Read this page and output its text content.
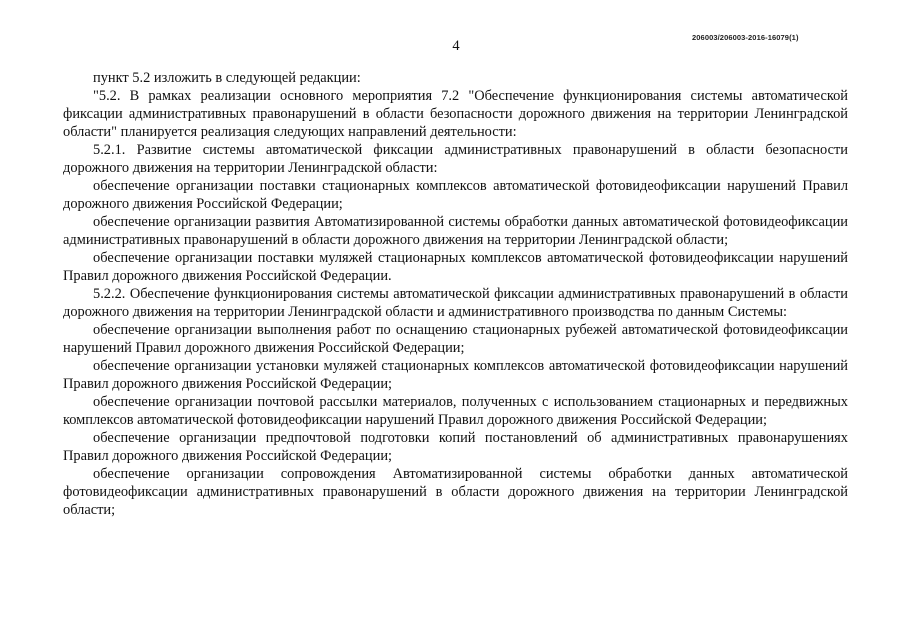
206003/206003-2016-16079(1)
4

пункт 5.2 изложить в следующей редакции:

"5.2. В рамках реализации основного мероприятия 7.2 "Обеспечение функционирования системы автоматической фиксации административных правонарушений в области безопасности дорожного движения на территории Ленинградской области" планируется реализация следующих направлений деятельности:

5.2.1. Развитие системы автоматической фиксации административных правонарушений в области безопасности дорожного движения на территории Ленинградской области:

обеспечение организации поставки стационарных комплексов автоматической фотовидеофиксации нарушений Правил дорожного движения Российской Федерации;

обеспечение организации развития Автоматизированной системы обработки данных автоматической фотовидеофиксации административных правонарушений в области дорожного движения на территории Ленинградской области;

обеспечение организации поставки муляжей стационарных комплексов автоматической фотовидеофиксации нарушений Правил дорожного движения Российской Федерации.

5.2.2. Обеспечение функционирования системы автоматической фиксации административных правонарушений в области дорожного движения на территории Ленинградской области и административного производства по данным Системы:

обеспечение организации выполнения работ по оснащению стационарных рубежей автоматической фотовидеофиксации нарушений Правил дорожного движения Российской Федерации;

обеспечение организации установки муляжей стационарных комплексов автоматической фотовидеофиксации нарушений Правил дорожного движения Российской Федерации;

обеспечение организации почтовой рассылки материалов, полученных с использованием стационарных и передвижных комплексов автоматической фотовидеофиксации нарушений Правил дорожного движения Российской Федерации;

обеспечение организации предпочтовой подготовки копий постановлений об административных правонарушениях Правил дорожного движения Российской Федерации;

обеспечение организации сопровождения Автоматизированной системы обработки данных автоматической фотовидеофиксации административных правонарушений в области дорожного движения на территории Ленинградской области;
